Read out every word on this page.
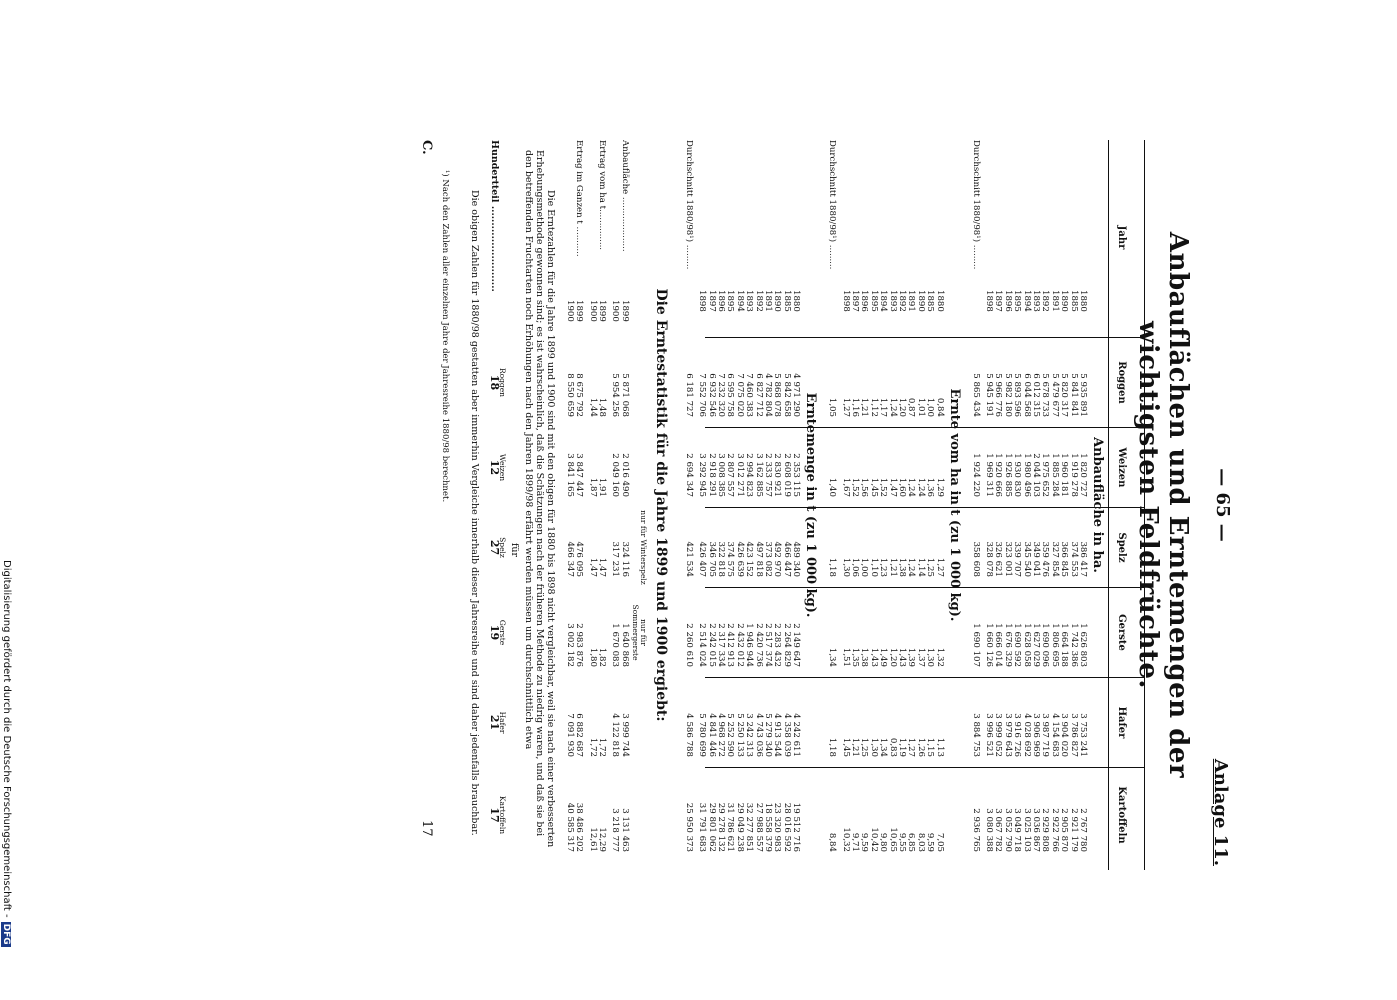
Digitalisierung gefördert durch die Deutsche Forschungsgemeinschaft -DFG
— 65 —
Anlage 11.
Anbauflächen und Erntemengen der wichtigsten Feldfrüchte.
Jahr
Roggen
Weizen
Spelz
Gerste
Hafer
Kartoffeln
Anbaufläche in ha.
1880
5 935 891
1 820 727
386 417
1 626 803
3 753 241
2 767 780
1885
5 841 841
1 919 278
374 553
1 742 386
3 786 827
2 921 179
1890
5 820 317
1 960 181
366 845
1 664 188
3 904 020
2 905 870
1891
5 479 677
1 885 284
327 854
1 806 695
4 154 683
2 922 766
1892
5 678 733
1 975 652
359 476
1 690 096
3 987 719
2 929 808
1893
6 012 315
2 044 103
349 041
1 627 029
3 906 969
3 036 867
1894
6 044 568
1 980 496
345 540
1 628 058
4 028 692
3 025 103
1895
5 893 596
1 930 830
339 707
1 690 592
3 916 726
3 049 718
1896
5 982 180
1 926 885
323 001
1 676 329
3 979 643
3 052 790
1897
5 966 776
1 920 666
326 621
1 666 014
3 999 052
3 067 782
1898
5 945 191
1 969 311
328 078
1 660 126
3 996 521
3 080 388
Durchschnitt 1880/98¹) .........
5 865 434
1 924 220
358 608
1 690 107
3 884 753
2 936 765
Ernte vom ha in t (zu 1 000 kg).
1880
0,84
1,29
1,27
1,32
1,13
7,05
1885
1,00
1,36
1,25
1,30
1,15
9,59
1890
1,01
1,24
1,14
1,37
1,26
8,03
1891
0,87
1,24
1,24
1,39
1,27
6,85
1892
1,20
1,60
1,38
1,43
1,19
9,55
1893
1,24
1,47
1,21
1,20
0,83
10,65
1894
1,17
1,52
1,23
1,49
1,34
9,80
1895
1,12
1,45
1,10
1,43
1,30
10,42
1896
1,21
1,56
1,00
1,38
1,25
9,59
1897
1,16
1,52
1,06
1,35
1,21
9,71
1898
1,27
1,67
1,30
1,51
1,45
10,32
Durchschnitt 1880/98¹) .........
1,05
1,40
1,18
1,34
1,18
8,84
Erntemenge in t (zu 1 000 kg).
1880
4 971 290
2 353 115
489 340
2 149 647
4 242 611
19 512 716
1885
5 842 658
2 608 019
466 447
2 264 829
4 358 039
28 016 592
1890
5 868 078
2 830 921
492 970
2 283 432
4 913 544
23 320 983
1891
4 782 804
2 333 757
373 082
2 517 374
5 279 340
18 558 379
1892
6 827 712
3 162 885
497 818
2 420 736
4 743 036
27 988 557
1893
7 460 383
2 994 823
423 152
1 946 944
3 242 313
32 277 851
1894
7 075 020
3 012 271
426 639
2 432 012
5 250 133
29 049 238
1895
6 595 758
2 807 557
374 575
2 412 913
5 252 590
31 786 621
1896
7 232 320
3 008 385
322 818
2 317 334
4 968 272
29 278 132
1897
6 932 546
2 918 291
346 705
2 242 015
4 841 446
29 801 062
1898
7 552 706
3 292 945
426 407
2 514 024
5 780 699
31 791 683
Durchschnitt 1880/98¹) .........
6 181 727
2 694 347
421 534
2 260 610
4 586 788
25 950 373
Die Erntestatistik für die Jahre 1899 und 1900 ergiebt:
nur für Winterspelz
nur für Sommergerste
Anbaufläche ....................
1899
5 871 068
2 016 490
324 116
1 640 868
3 999 744
3 131 463
1900
5 954 256
2 049 160
317 231
1 670 083
4 122 818
3 218 777
Ertrag vom ha t...............
1899
1,48
1,91
1,47
1,82
1,72
12,29
1900
1,44
1,87
1,47
1,80
1,72
12,61
Ertrag im Ganzen t ...........
1899
8 675 792
3 847 447
476 095
2 983 876
6 882 687
38 486 202
1900
8 550 659
3 841 165
466 347
3 002 182
7 091 930
40 585 317
Die Erntezahlen für die Jahre 1899 und 1900 sind mit den obigen für 1880 bis 1898 nicht vergleichbar, weil sie nach einer verbesserten Erhebungsmethode gewonnen sind; es ist wahrscheinlich, daß die Schätzungen nach der früheren Methode zu niedrig waren, und daß sie bei den betreffenden Fruchtarten noch Erhöhungen nach den Jahren 1899/98 erfährt werden müssen um durchschnittlich etwa
für
Hundertteil ..........................
Roggen
18
Weizen
12
Spelz
27
Gerste
19
Hafer
21
Kartoffeln
17
Die obigen Zahlen für 1880/98 gestatten aber immerhin Vergleiche innerhalb dieser Jahresreihe und sind daher jedenfalls brauchbar.
¹) Nach den Zahlen aller einzelnen Jahre der Jahresreihe 1880/98 berechnet.
C.
17
